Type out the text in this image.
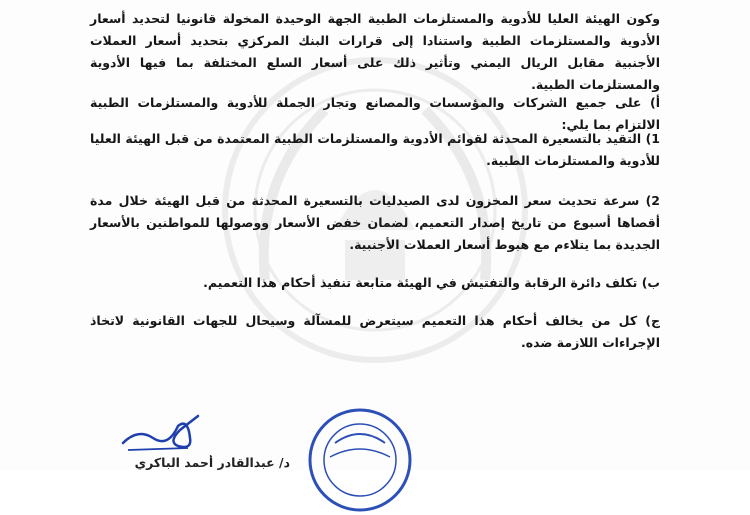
وكون الهيئة العليا للأدوية والمستلزمات الطبية الجهة الوحيدة المخولة قانونيا لتحديد أسعار الأدوية والمستلزمات الطبية واستنادا إلى قرارات البنك المركزي بتحديد أسعار العملات الأجنبية مقابل الريال اليمني وتأثير ذلك على أسعار السلع المختلفة بما فيها الأدوية والمستلزمات الطبية.
أ) على جميع الشركات والمؤسسات والمصانع وتجار الجملة للأدوية والمستلزمات الطبية الالتزام بما يلي:
1) التقيد بالتسعيرة المحدثة لقوائم الأدوية والمستلزمات الطبية المعتمدة من قبل الهيئة العليا للأدوية والمستلزمات الطبية.
2) سرعة تحديث سعر المخزون لدى الصيدليات بالتسعيرة المحدثة من قبل الهيئة خلال مدة أقصاها أسبوع من تاريخ إصدار التعميم، لضمان خفض الأسعار ووصولها للمواطنين بالأسعار الجديدة بما يتلاءم مع هبوط أسعار العملات الأجنبية.
ب) تكلف دائرة الرقابة والتفتيش في الهيئة متابعة تنفيذ أحكام هذا التعميم.
ج) كل من يخالف أحكام هذا التعميم سيتعرض للمسآلة وسيحال للجهات القانونية لاتخاذ الإجراءات اللازمة ضده.
د/ عبدالقادر أحمد الباكري
